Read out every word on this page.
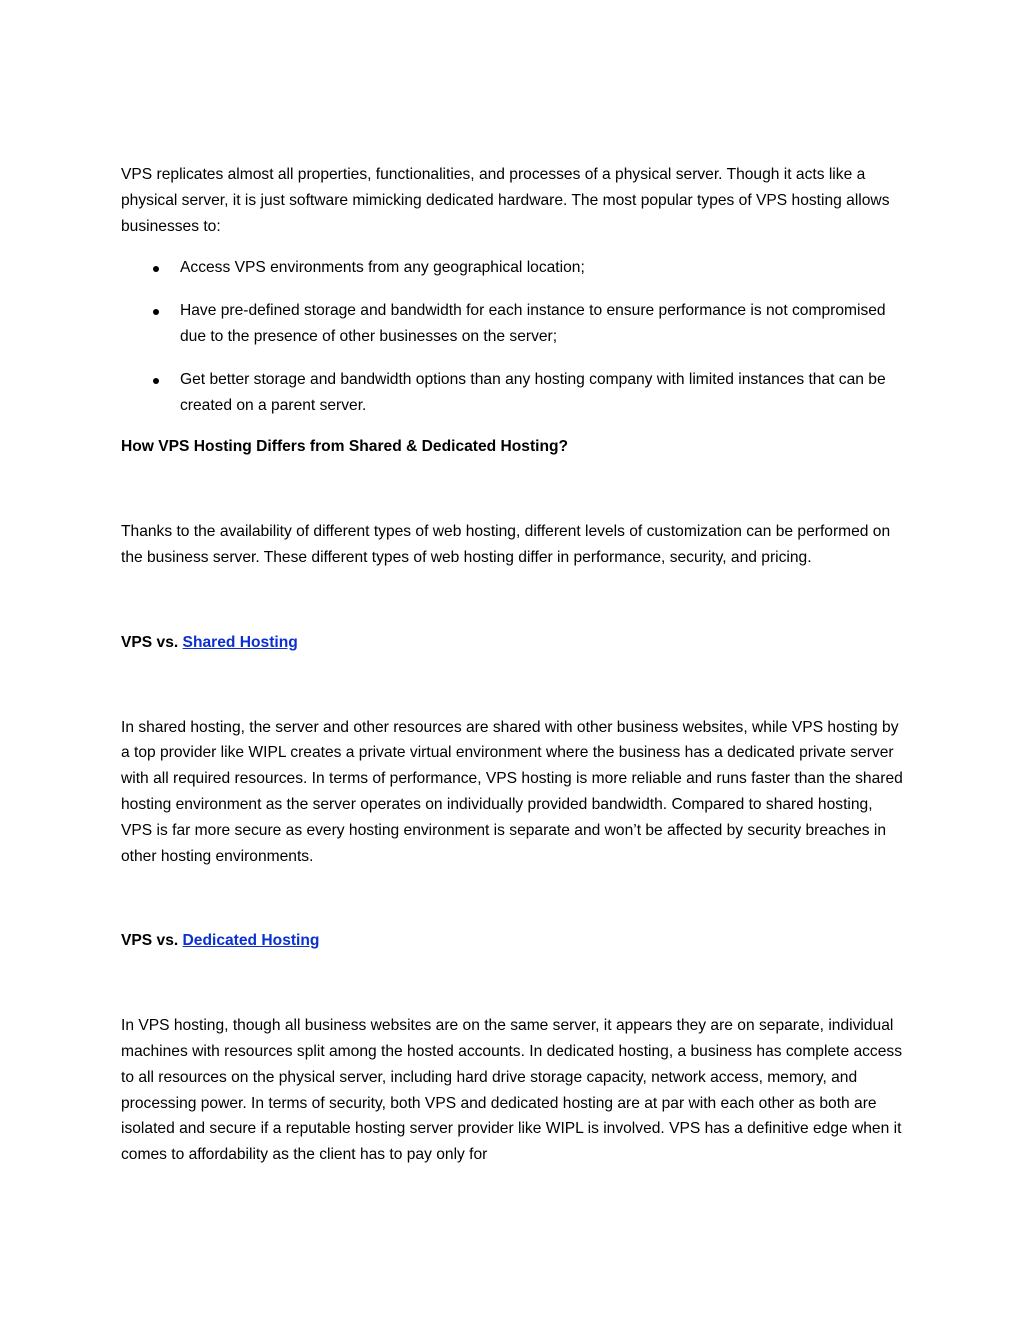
VPS replicates almost all properties, functionalities, and processes of a physical server. Though it acts like a physical server, it is just software mimicking dedicated hardware. The most popular types of VPS hosting allows businesses to:

Access VPS environments from any geographical location;
Have pre-defined storage and bandwidth for each instance to ensure performance is not compromised due to the presence of other businesses on the server;
Get better storage and bandwidth options than any hosting company with limited instances that can be created on a parent server.

How VPS Hosting Differs from Shared & Dedicated Hosting?

Thanks to the availability of different types of web hosting, different levels of customization can be performed on the business server. These different types of web hosting differ in performance, security, and pricing.

VPS vs. Shared Hosting

In shared hosting, the server and other resources are shared with other business websites, while VPS hosting by a top provider like WIPL creates a private virtual environment where the business has a dedicated private server with all required resources. In terms of performance, VPS hosting is more reliable and runs faster than the shared hosting environment as the server operates on individually provided bandwidth. Compared to shared hosting, VPS is far more secure as every hosting environment is separate and won’t be affected by security breaches in other hosting environments.

VPS vs. Dedicated Hosting

In VPS hosting, though all business websites are on the same server, it appears they are on separate, individual machines with resources split among the hosted accounts. In dedicated hosting, a business has complete access to all resources on the physical server, including hard drive storage capacity, network access, memory, and processing power. In terms of security, both VPS and dedicated hosting are at par with each other as both are isolated and secure if a reputable hosting server provider like WIPL is involved. VPS has a definitive edge when it comes to affordability as the client has to pay only for
